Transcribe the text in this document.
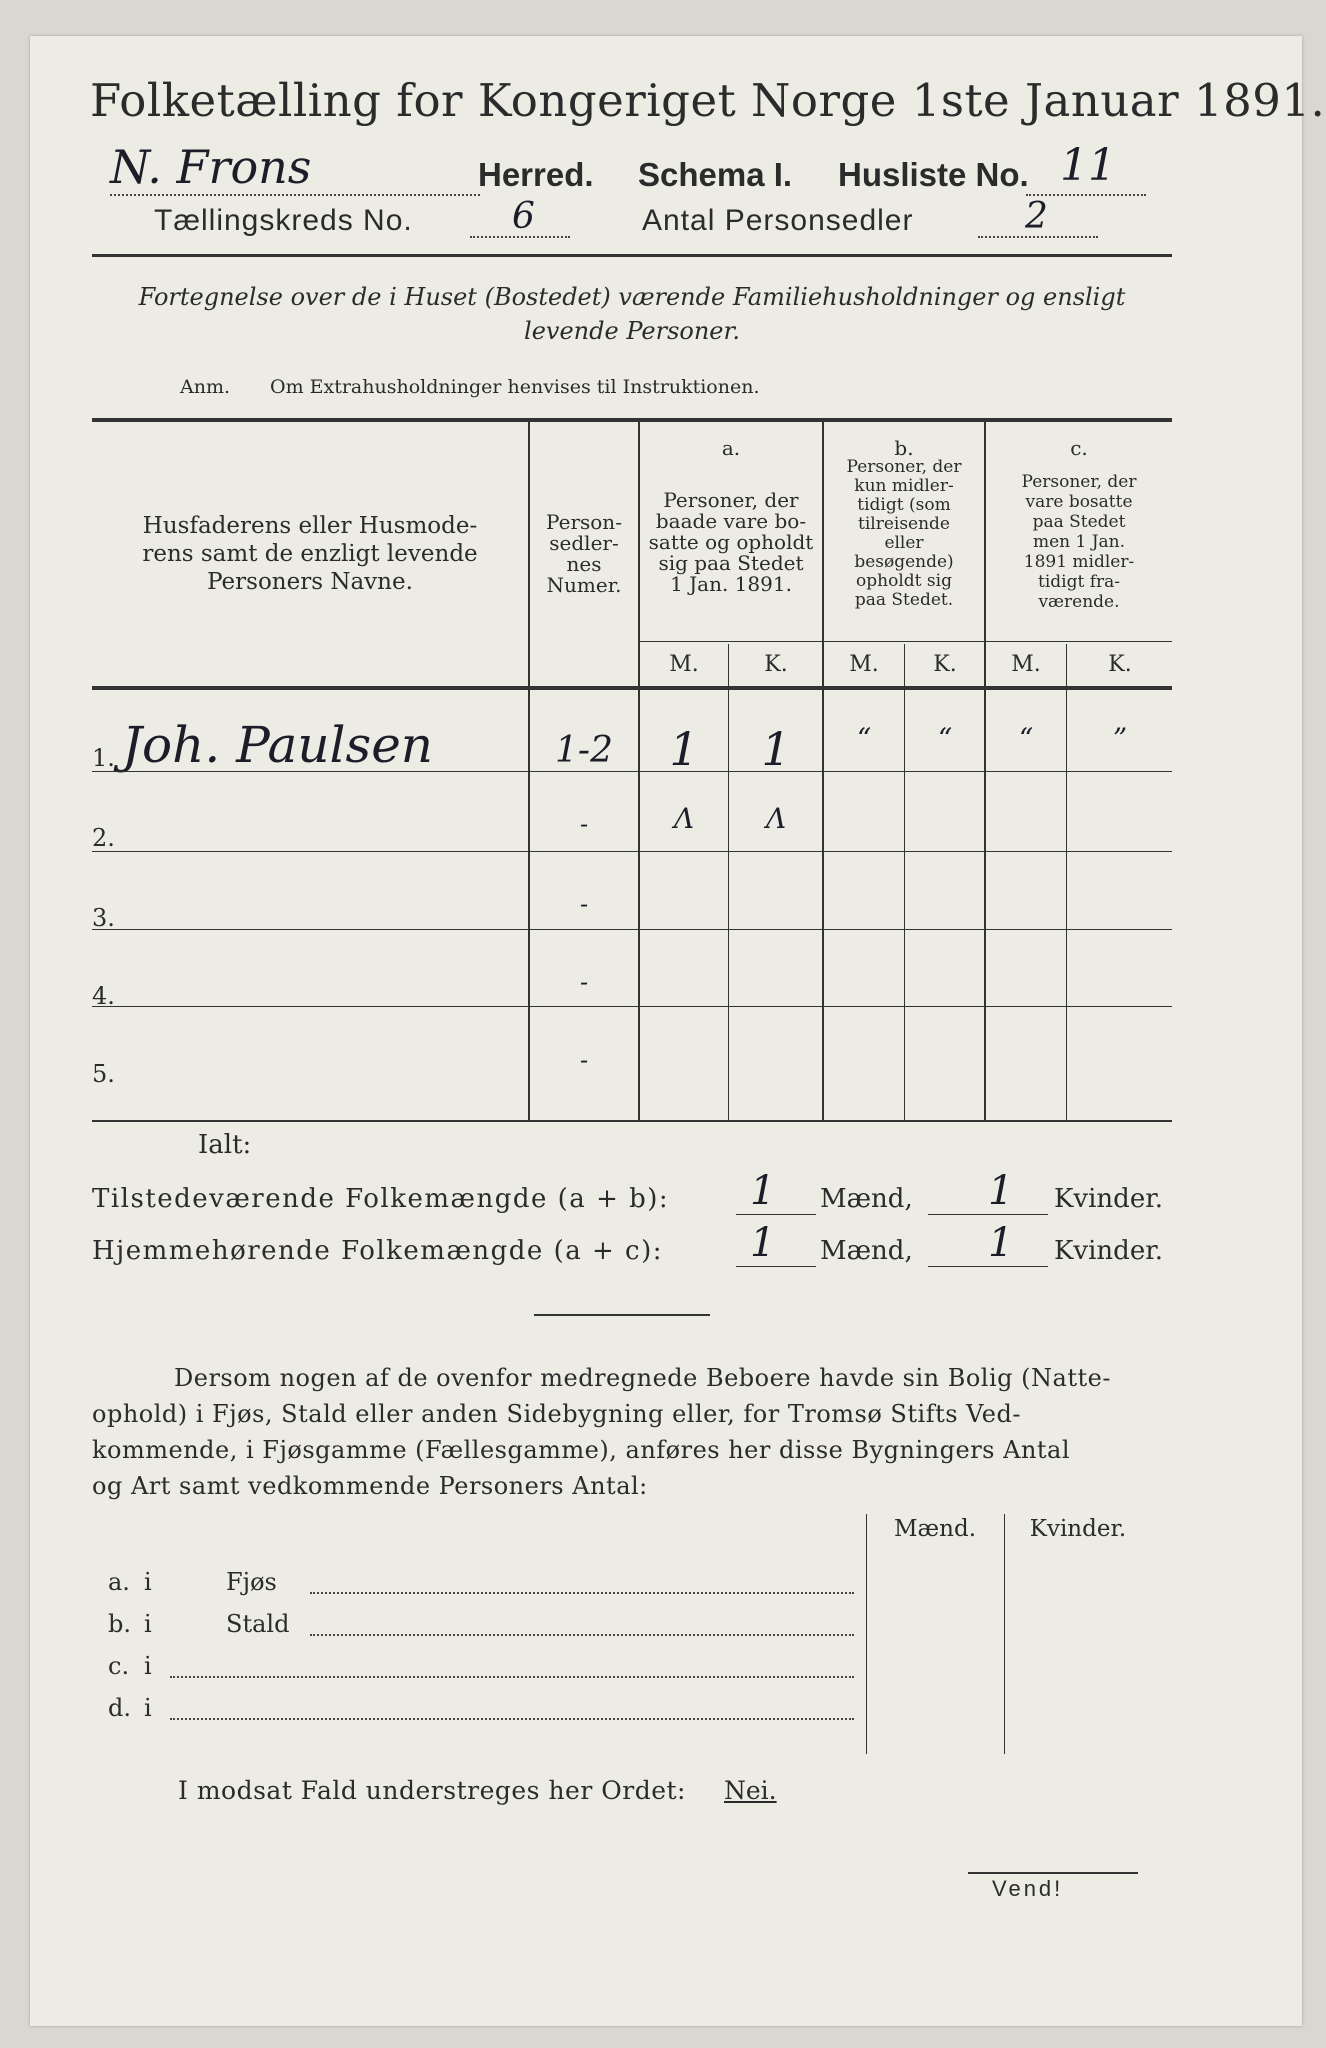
Folketælling for Kongeriget Norge 1ste Januar 1891.
N. Frons	Herred. Schema I. Husliste No. 11
Tællingskreds No.	6	Antal Personsedler	2
Fortegnelse over de i Huset (Bostedet) værende Familiehusholdninger og ensligt
levende Personer.
Anm. Om Extrahusholdninger henvises til Instruktionen.
Husfaderens eller Husmode-
rens samt de enzligt levende
Personers Navne.
Person-
sedler-
nes
Numer.
a.
Personer, der
baade vare bo-
satte og opholdt
sig paa Stedet
1 Jan. 1891.
b.
Personer, der
kun midler-
tidigt (som
tilreisende
eller
besøgende)
opholdt sig
paa Stedet.
c.
Personer, der
vare bosatte
paa Stedet
men 1 Jan.
1891 midler-
tidigt fra-
værende.
M.	K.	M.	K.	M.	K.
1. Joh. Paulsen	1-2	1	1	“	“	“	”
2.	-	Λ	Λ
3.	-
4.	-
5.	-
Ialt:
Tilstedeværende Folkemængde (a + b): 1 Mænd, 1 Kvinder.
Hjemmehørende Folkemængde (a + c): 1 Mænd, 1 Kvinder.
Dersom nogen af de ovenfor medregnede Beboere havde sin Bolig (Natte-
ophold) i Fjøs, Stald eller anden Sidebygning eller, for Tromsø Stifts Ved-
kommende, i Fjøsgamme (Fællesgamme), anføres her disse Bygningers Antal
og Art samt vedkommende Personers Antal:
Mænd.	Kvinder.
a. i	Fjøs
b. i	Stald
c. i
d. i
I modsat Fald understreges her Ordet: Nei.
Vend!
